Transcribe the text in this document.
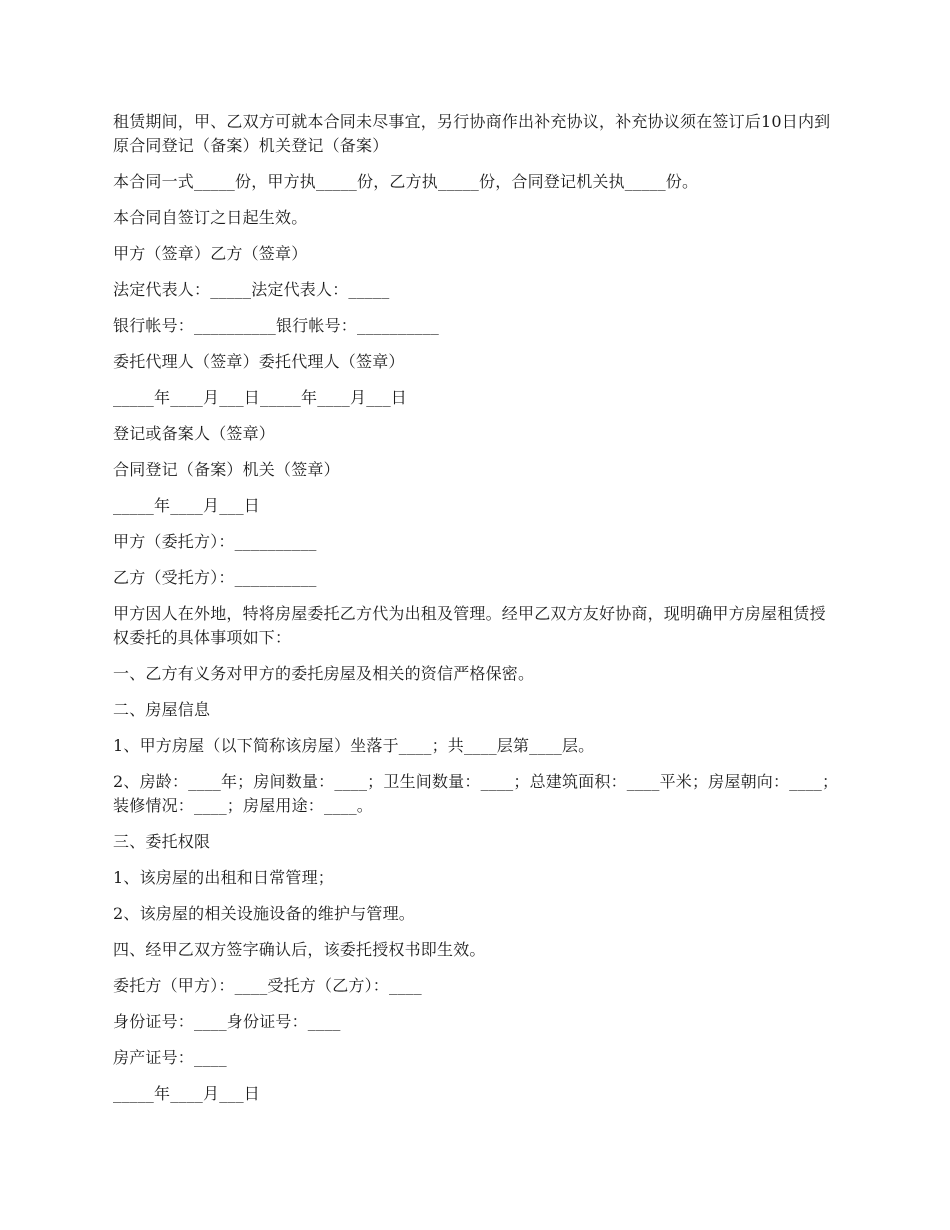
租赁期间，甲、乙双方可就本合同未尽事宜，另行协商作出补充协议，补充协议须在签订后10日内到原合同登记（备案）机关登记（备案）

本合同一式_____份，甲方执_____份，乙方执_____份，合同登记机关执_____份。

本合同自签订之日起生效。

甲方（签章）乙方（签章）

法定代表人：_____法定代表人：_____

银行帐号：__________银行帐号：__________

委托代理人（签章）委托代理人（签章）

_____年____月___日_____年____月___日

登记或备案人（签章）

合同登记（备案）机关（签章）

_____年____月___日

甲方（委托方）：__________

乙方（受托方）：__________

甲方因人在外地，特将房屋委托乙方代为出租及管理。经甲乙双方友好协商，现明确甲方房屋租赁授权委托的具体事项如下：

一、乙方有义务对甲方的委托房屋及相关的资信严格保密。

二、房屋信息

1、甲方房屋（以下简称该房屋）坐落于____；共____层第____层。

2、房龄：____年；房间数量：____；卫生间数量：____；总建筑面积：____平米；房屋朝向：____；装修情况：____；房屋用途：____。

三、委托权限

1、该房屋的出租和日常管理；

2、该房屋的相关设施设备的维护与管理。

四、经甲乙双方签字确认后，该委托授权书即生效。

委托方（甲方）：____受托方（乙方）：____

身份证号：____身份证号：____

房产证号：____

_____年____月___日
